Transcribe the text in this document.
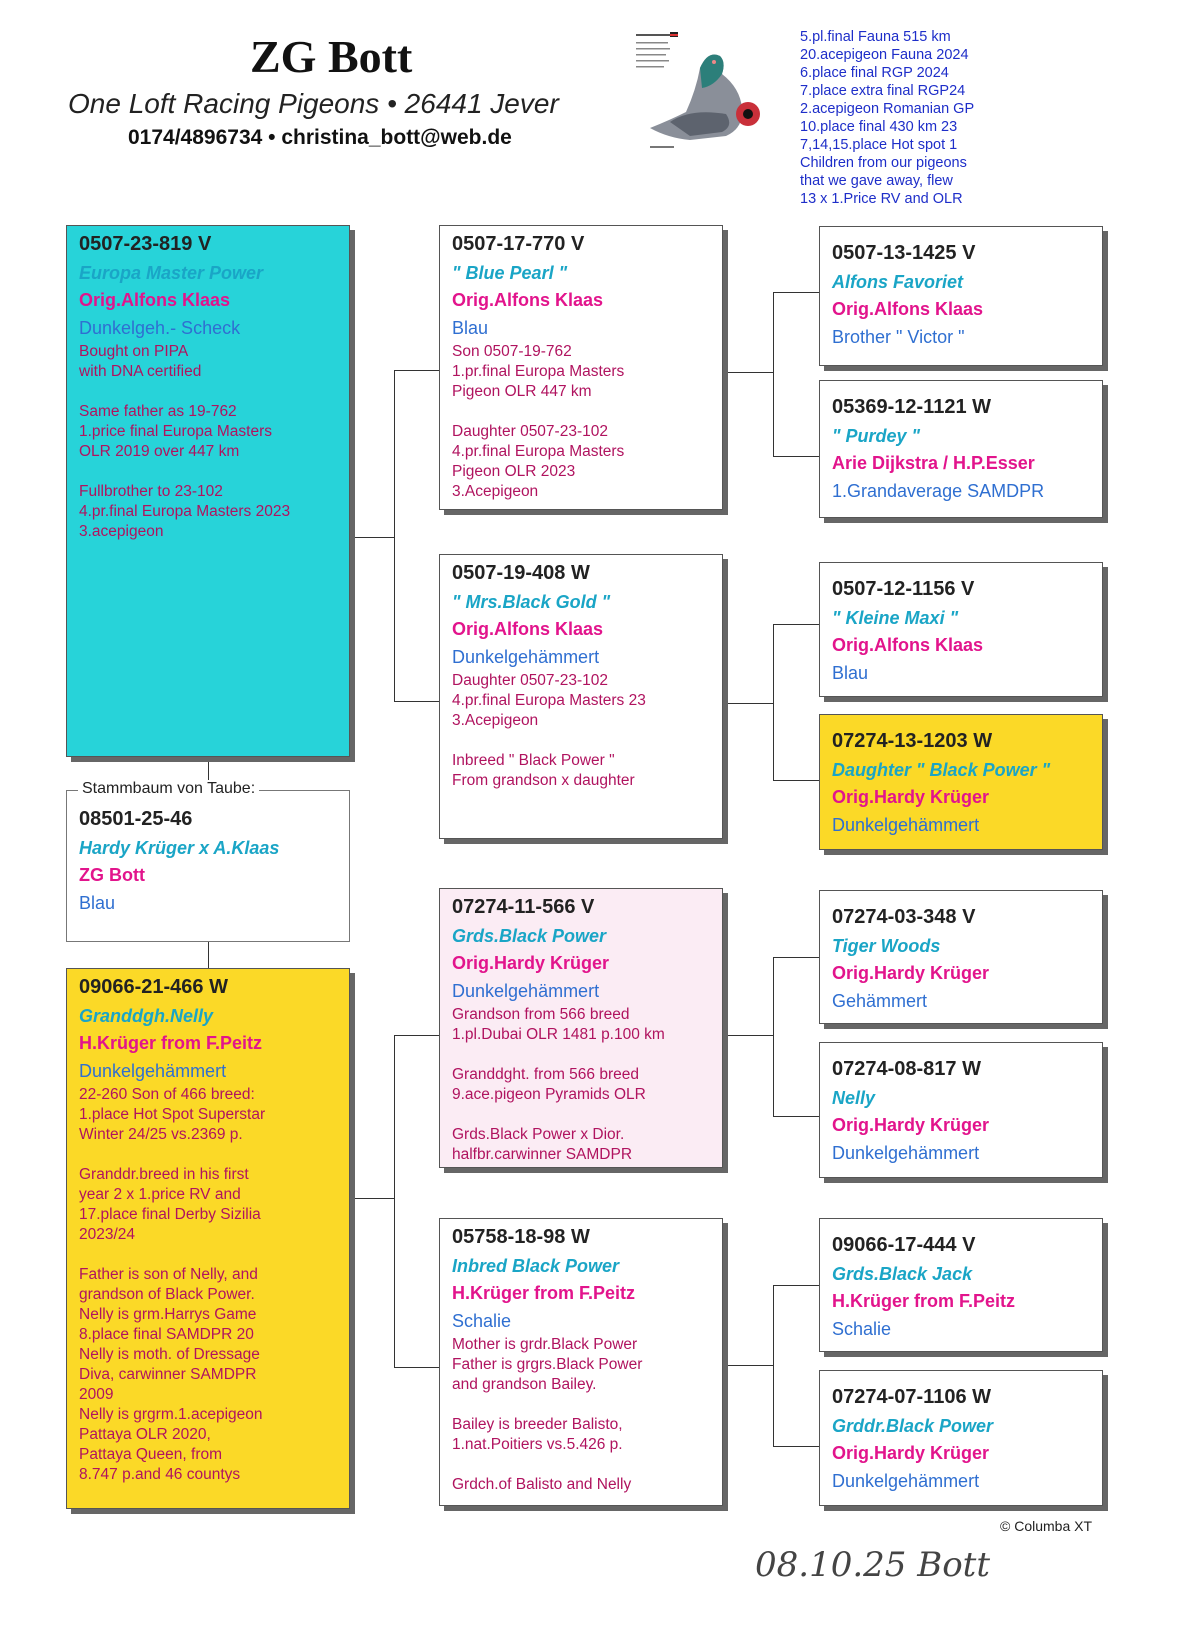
ZG Bott
One Loft Racing Pigeons • 26441 Jever
0174/4896734 • christina_bott@web.de
5.pl.final Fauna 515 km
20.acepigeon Fauna 2024
6.place final RGP 2024
7.place extra final RGP24
2.acepigeon Romanian GP
10.place final 430 km 23
7,14,15.place Hot spot 1
Children from our pigeons
that we gave away, flew
13 x 1.Price RV and OLR
0507-23-819 V
Europa Master Power
Orig.Alfons Klaas
Dunkelgeh.- Scheck
Bought on PIPA
with DNA certified
Same father as 19-762
1.price final Europa Masters
OLR 2019 over 447 km
Fullbrother to 23-102
4.pr.final Europa Masters 2023
3.acepigeon
08501-25-46
Hardy Krüger x A.Klaas
ZG Bott
Blau
Stammbaum von Taube:
09066-21-466 W
Granddgh.Nelly
H.Krüger from F.Peitz
Dunkelgehämmert
22-260 Son of 466 breed:
1.place Hot Spot Superstar
Winter 24/25 vs.2369 p.
Granddr.breed in his first
year 2 x 1.price RV and
17.place final Derby Sizilia
2023/24
Father is son of Nelly, and
grandson of Black Power.
Nelly is grm.Harrys Game
8.place final SAMDPR 20
Nelly is moth. of Dressage
Diva, carwinner SAMDPR
2009
Nelly is grgrm.1.acepigeon
Pattaya OLR 2020,
Pattaya Queen, from
8.747 p.and 46 countys
0507-17-770 V
" Blue Pearl "
Orig.Alfons Klaas
Blau
Son 0507-19-762
1.pr.final Europa Masters
Pigeon OLR 447 km
Daughter 0507-23-102
4.pr.final Europa Masters
Pigeon OLR 2023
3.Acepigeon
0507-19-408 W
" Mrs.Black Gold "
Orig.Alfons Klaas
Dunkelgehämmert
Daughter 0507-23-102
4.pr.final Europa Masters 23
3.Acepigeon
Inbreed " Black Power "
From grandson x daughter
07274-11-566 V
Grds.Black Power
Orig.Hardy Krüger
Dunkelgehämmert
Grandson from 566 breed
1.pl.Dubai OLR 1481 p.100 km
Granddght. from 566 breed
9.ace.pigeon Pyramids OLR
Grds.Black Power x Dior.
halfbr.carwinner SAMDPR
05758-18-98 W
Inbred Black Power
H.Krüger from F.Peitz
Schalie
Mother is grdr.Black Power
Father is grgrs.Black Power
and grandson Bailey.
Bailey is breeder Balisto,
1.nat.Poitiers vs.5.426 p.
Grdch.of Balisto and Nelly
0507-13-1425 V
Alfons Favoriet
Orig.Alfons Klaas
Brother " Victor "
05369-12-1121 W
" Purdey "
Arie Dijkstra / H.P.Esser
1.Grandaverage SAMDPR
0507-12-1156 V
" Kleine Maxi "
Orig.Alfons Klaas
Blau
07274-13-1203 W
Daughter " Black Power "
Orig.Hardy Krüger
Dunkelgehämmert
07274-03-348 V
Tiger Woods
Orig.Hardy Krüger
Gehämmert
07274-08-817 W
Nelly
Orig.Hardy Krüger
Dunkelgehämmert
09066-17-444 V
Grds.Black Jack
H.Krüger from F.Peitz
Schalie
07274-07-1106 W
Grddr.Black Power
Orig.Hardy Krüger
Dunkelgehämmert
© Columba XT
08.10.25 Bott
